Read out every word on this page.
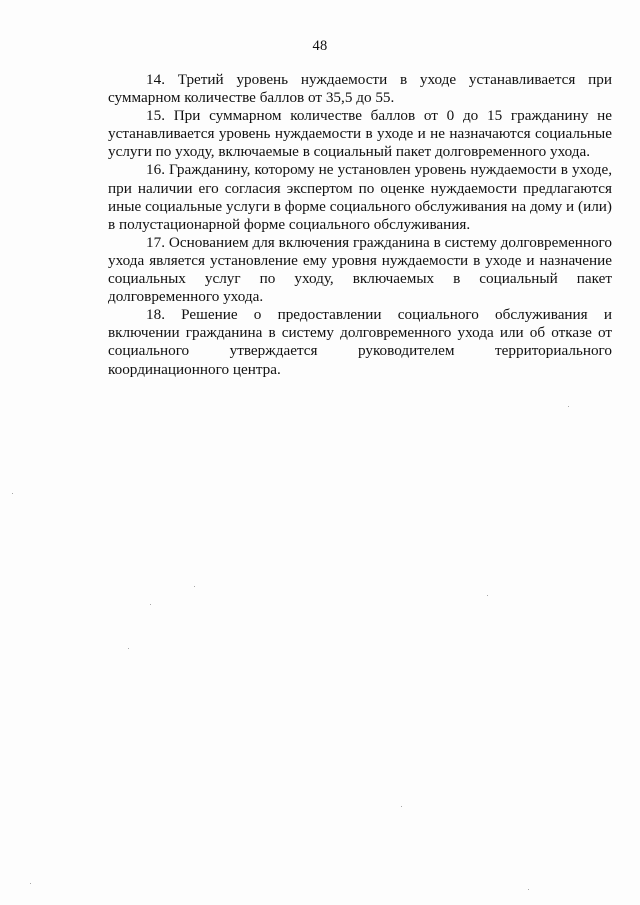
48

14. Третий уровень нуждаемости в уходе устанавливается при суммарном количестве баллов от 35,5 до 55.

15. При суммарном количестве баллов от 0 до 15 гражданину не устанавливается уровень нуждаемости в уходе и не назначаются социальные услуги по уходу, включаемые в социальный пакет долговременного ухода.

16. Гражданину, которому не установлен уровень нуждаемости в уходе, при наличии его согласия экспертом по оценке нуждаемости предлагаются иные социальные услуги в форме социального обслуживания на дому и (или) в полустационарной форме социального обслуживания.

17. Основанием для включения гражданина в систему долговременного ухода является установление ему уровня нуждаемости в уходе и назначение социальных услуг по уходу, включаемых в социальный пакет долговременного ухода.

18. Решение о предоставлении социального обслуживания и включении гражданина в систему долговременного ухода или об отказе от социального утверждается руководителем территориального координационного центра.
